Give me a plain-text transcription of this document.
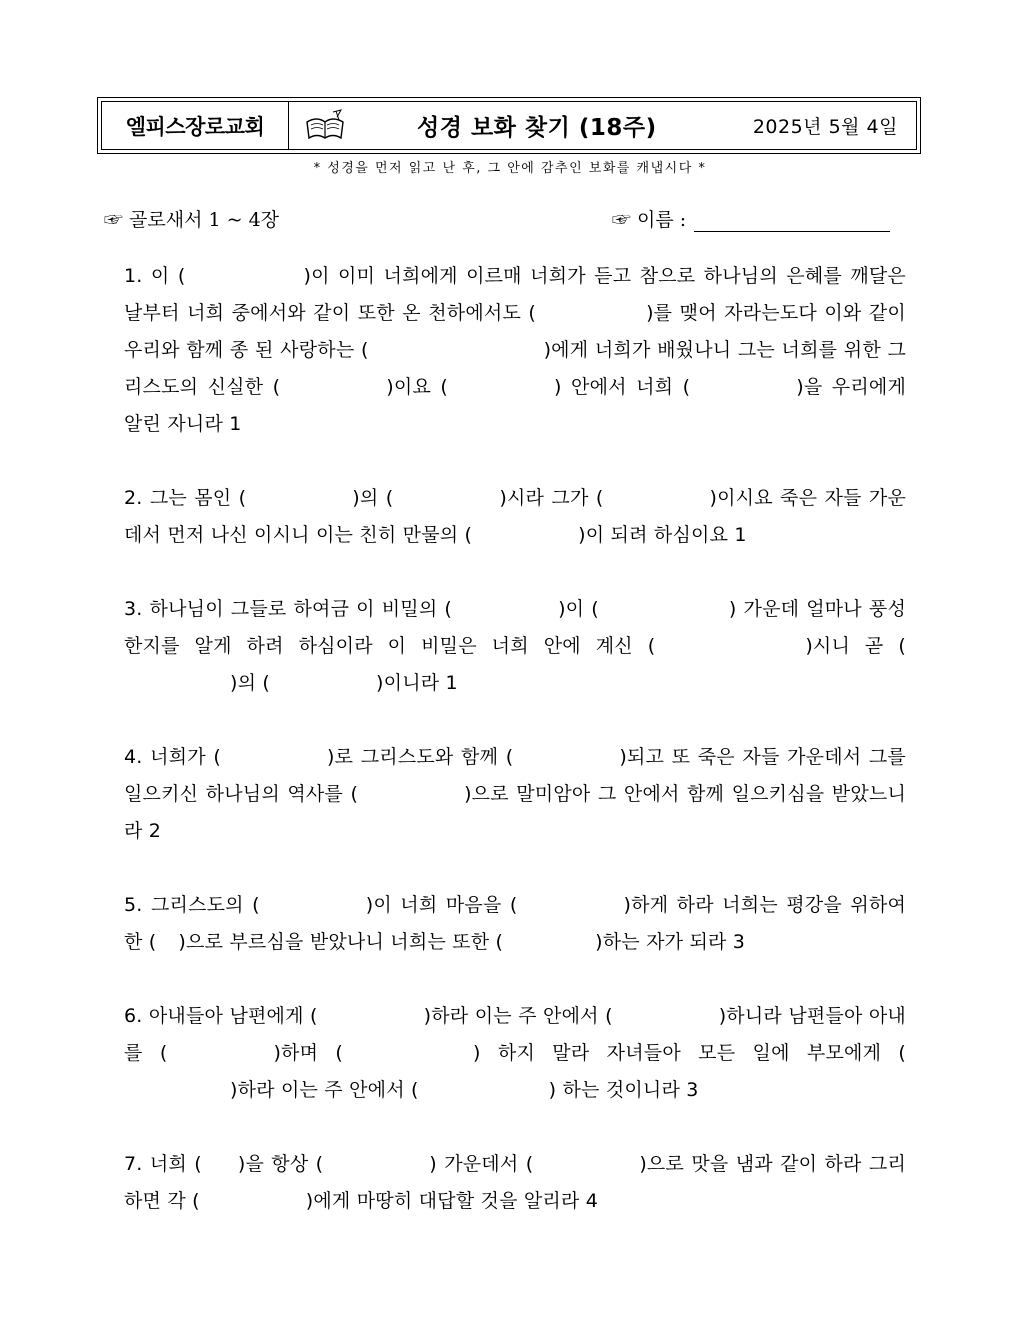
엘피스장로교회	성경 보화 찾기 (18주)	2025년 5월 4일
* 성경을 먼저 읽고 난 후, 그 안에 감추인 보화를 캐냅시다 *
☞ 골로새서 1 ~ 4장	☞ 이름 :
1. 이 (	)이 이미 너희에게 이르매 너희가 듣고 참으로 하나님의 은혜를 깨달은 날부터 너희 중에서와 같이 또한 온 천하에서도 (	)를 맺어 자라는도다 이와 같이 우리와 함께 종 된 사랑하는 (	)에게 너희가 배웠나니 그는 너희를 위한 그리스도의 신실한 (	)이요 (	) 안에서 너희 (	)을 우리에게 알린 자니라 1
2. 그는 몸인 (	)의 (	)시라 그가 (	)이시요 죽은 자들 가운데서 먼저 나신 이시니 이는 친히 만물의 (	)이 되려 하심이요 1
3. 하나님이 그들로 하여금 이 비밀의 (	)이 (	) 가운데 얼마나 풍성한지를 알게 하려 하심이라 이 비밀은 너희 안에 계신 (	)시니 곧 ( )의 (	)이니라 1
4. 너희가 (	)로 그리스도와 함께 (	)되고 또 죽은 자들 가운데서 그를 일으키신 하나님의 역사를 (	)으로 말미암아 그 안에서 함께 일으키심을 받았느니라 2
5. 그리스도의 (	)이 너희 마음을 (	)하게 하라 너희는 평강을 위하여 한 ( )으로 부르심을 받았나니 너희는 또한 (	)하는 자가 되라 3
6. 아내들아 남편에게 (	)하라 이는 주 안에서 (	)하니라 남편들아 아내를 (	)하며 (	) 하지 말라 자녀들아 모든 일에 부모에게 ( )하라 이는 주 안에서 (	) 하는 것이니라 3
7. 너희 ( )을 항상 (	) 가운데서 (	)으로 맛을 냄과 같이 하라 그리하면 각 (	)에게 마땅히 대답할 것을 알리라 4
